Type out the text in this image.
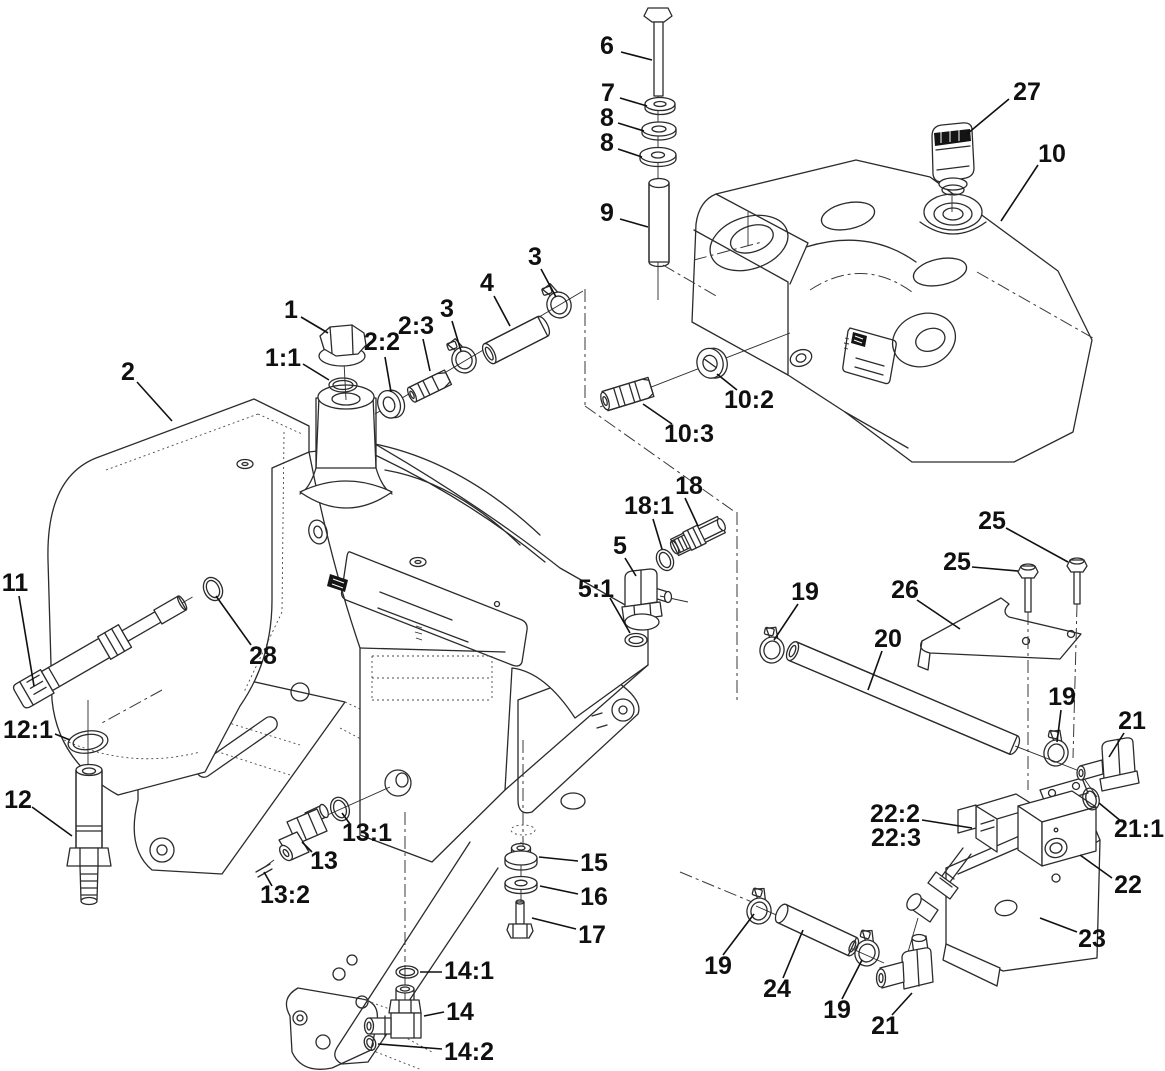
6
7
8
8
9
27
10
1
1:1
2
2:2
2:3
3
4
3
10:3
10:2
18
18:1
5
5:1
11
28
12:1
12
13:1
13
13:2
15
16
17
14:1
14
14:2
19
24
19
21
22:2
22:3	21:1
22
23
19
21
19	26
25
25
20
